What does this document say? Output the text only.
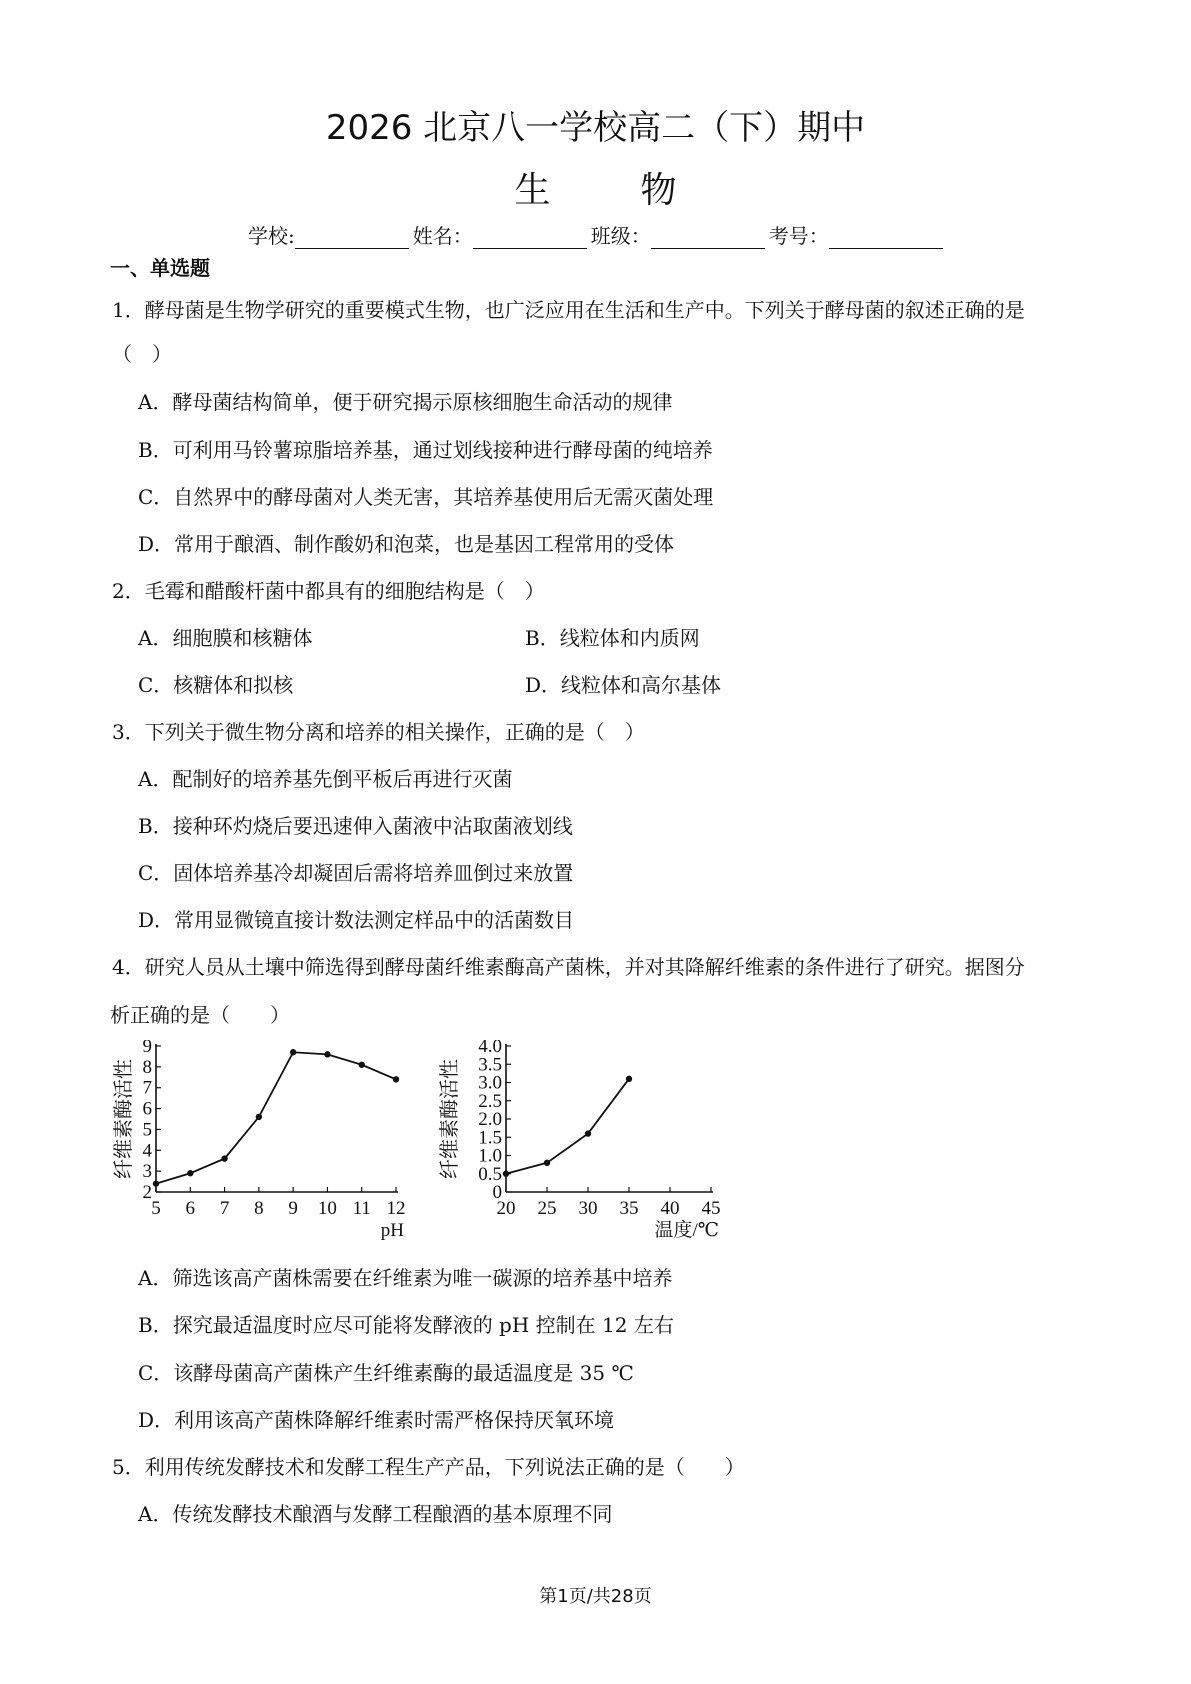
2026 北京八一学校高二（下）期中
生物
学校:	姓名：	班级：	考号：
一、单选题
1．酵母菌是生物学研究的重要模式生物，也广泛应用在生活和生产中。下列关于酵母菌的叙述正确的是
（　）
A．酵母菌结构简单，便于研究揭示原核细胞生命活动的规律
B．可利用马铃薯琼脂培养基，通过划线接种进行酵母菌的纯培养
C．自然界中的酵母菌对人类无害，其培养基使用后无需灭菌处理
D．常用于酿酒、制作酸奶和泡菜，也是基因工程常用的受体
2．毛霉和醋酸杆菌中都具有的细胞结构是（　）
A．细胞膜和核糖体	B．线粒体和内质网
C．核糖体和拟核	D．线粒体和高尔基体
3．下列关于微生物分离和培养的相关操作，正确的是（　）
A．配制好的培养基先倒平板后再进行灭菌
B．接种环灼烧后要迅速伸入菌液中沾取菌液划线
C．固体培养基冷却凝固后需将培养皿倒过来放置
D．常用显微镜直接计数法测定样品中的活菌数目
4．研究人员从土壤中筛选得到酵母菌纤维素酶高产菌株，并对其降解纤维素的条件进行了研究。据图分
析正确的是（　　）
2
3
4
5
6
7
8
9
5 6 7 8 9 10 11 12
纤维素酶活性
pH
0
0.5
1.0
1.5
2.0
2.5
3.0
3.5
4.0
20 25 30 35 40 45
纤维素酶活性
温度/℃
A．筛选该高产菌株需要在纤维素为唯一碳源的培养基中培养
B．探究最适温度时应尽可能将发酵液的 pH 控制在 12 左右
C．该酵母菌高产菌株产生纤维素酶的最适温度是 35 ℃
D．利用该高产菌株降解纤维素时需严格保持厌氧环境
5．利用传统发酵技术和发酵工程生产产品，下列说法正确的是（　　）
A．传统发酵技术酿酒与发酵工程酿酒的基本原理不同
第1页/共28页
